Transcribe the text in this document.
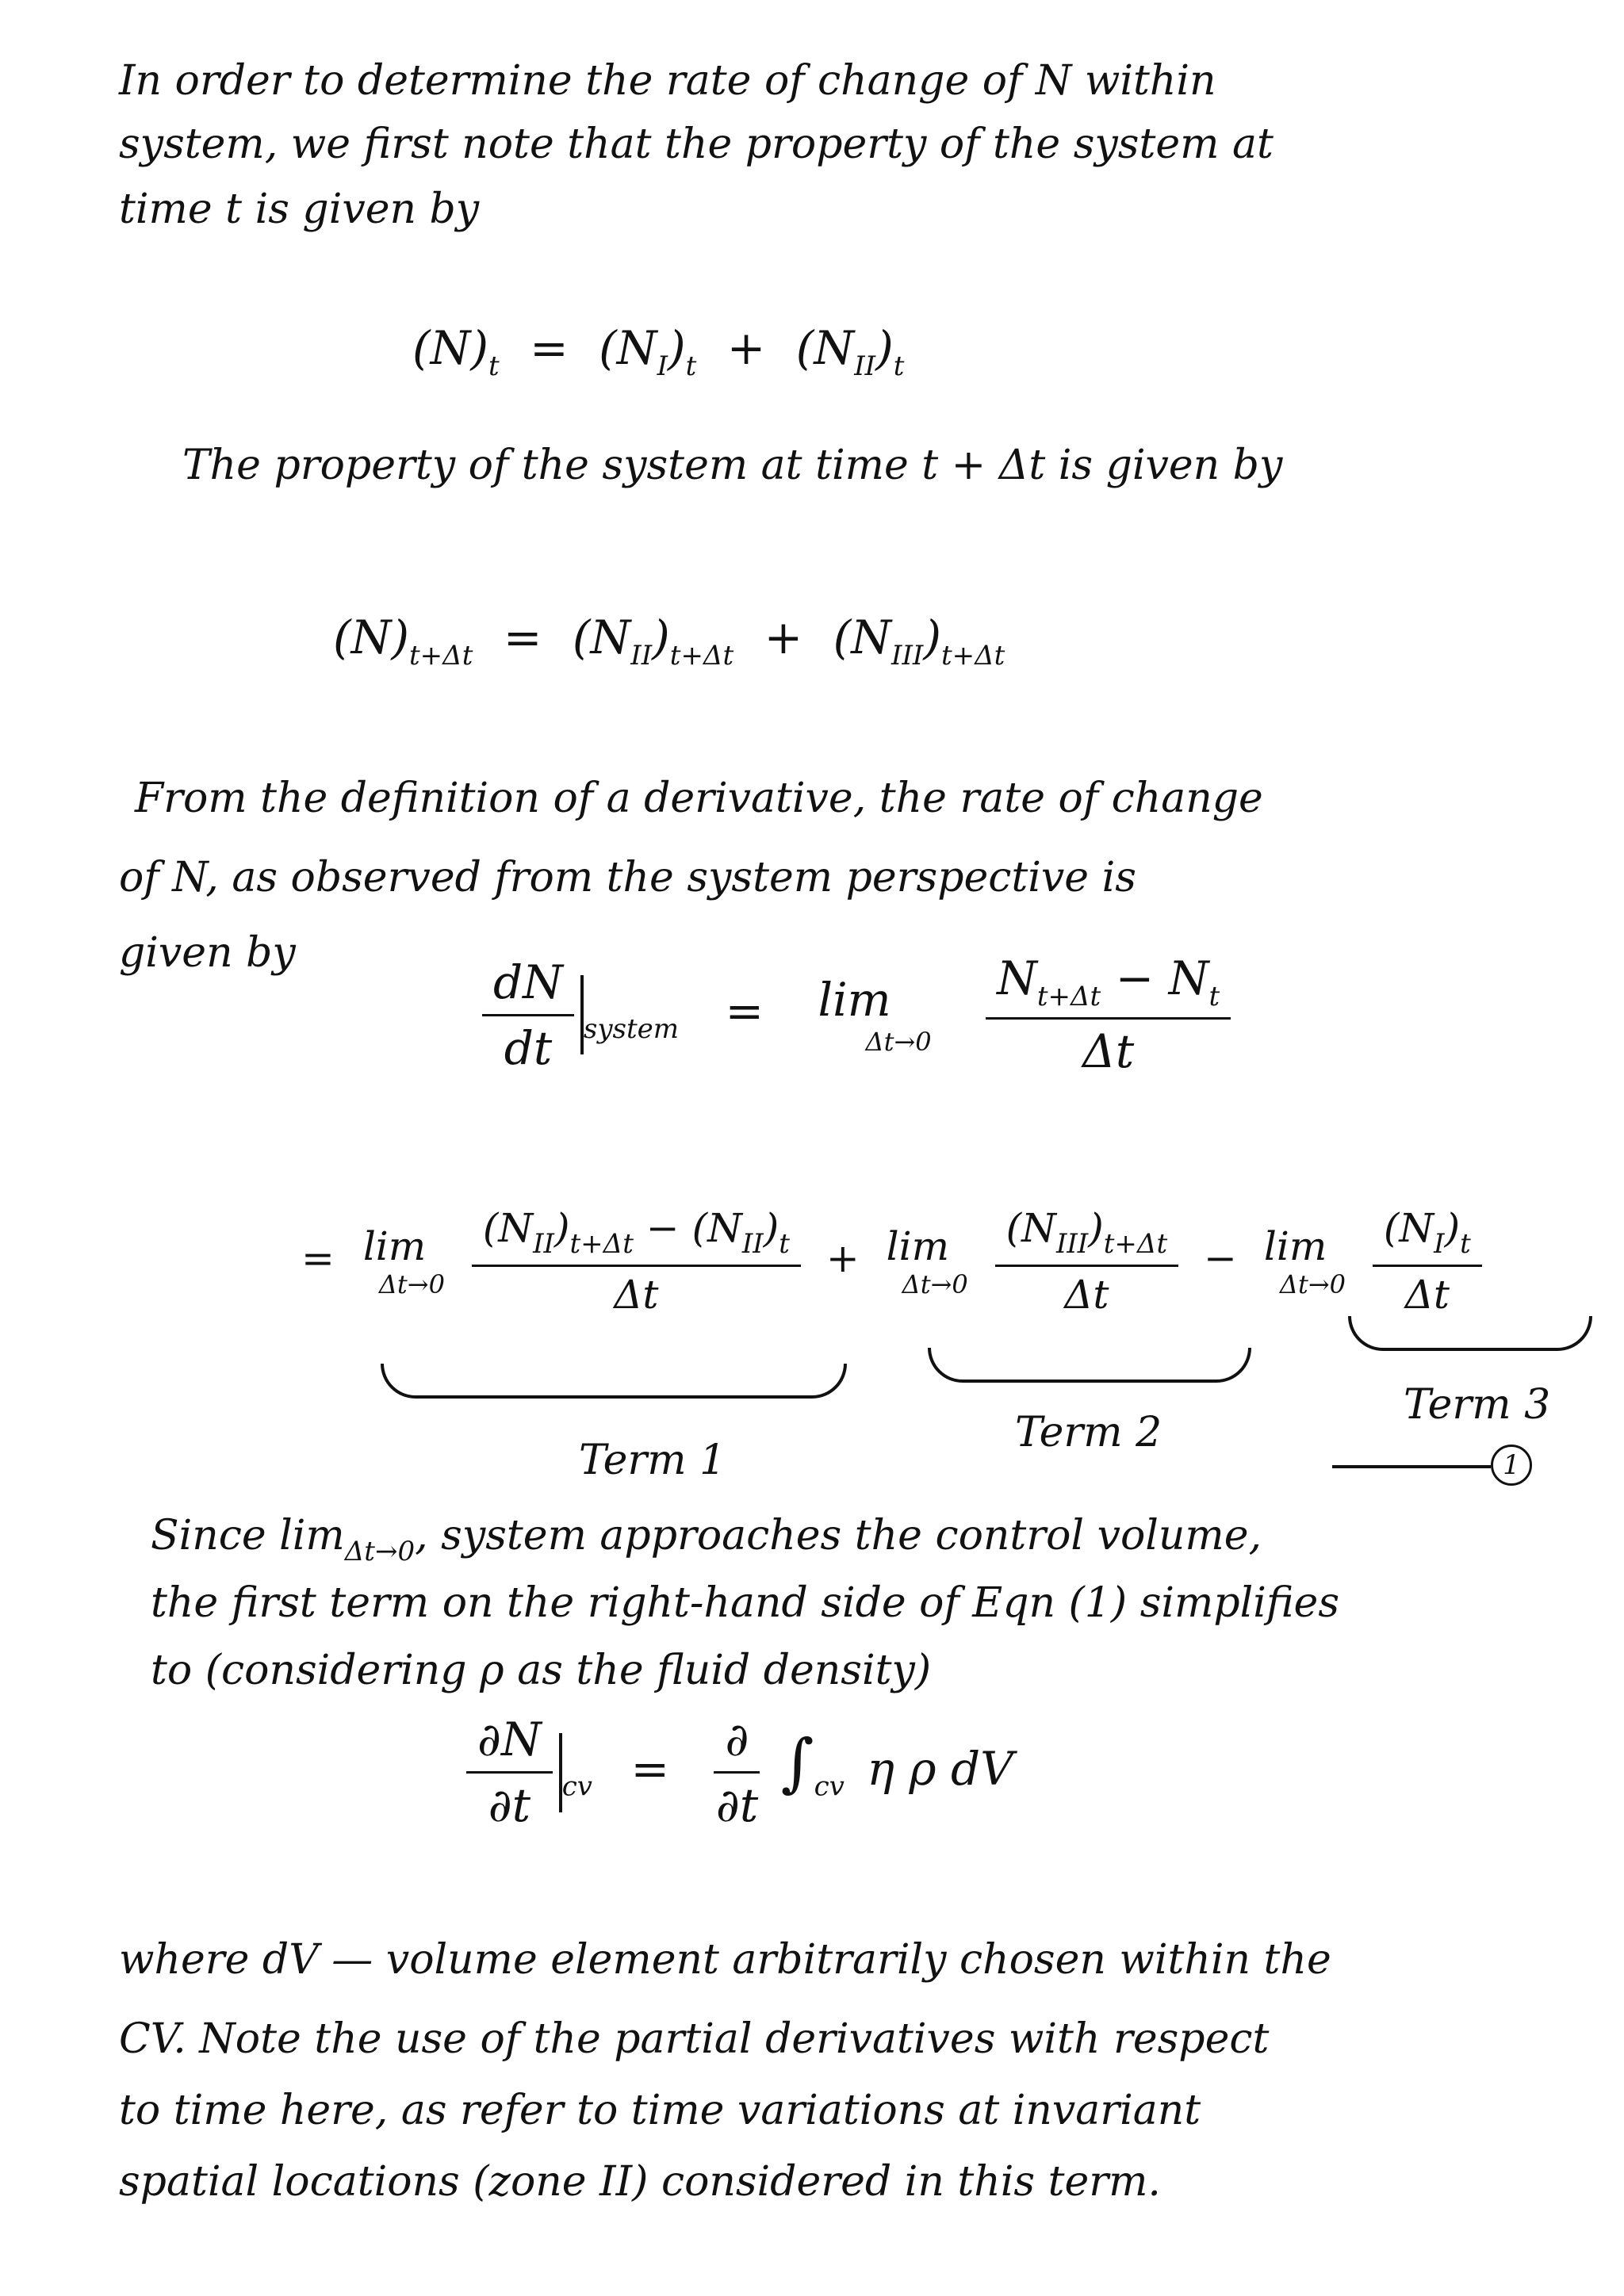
In order to determine the rate of change of N within
system, we first note that the property of the system at
time t is given by
$(N)_t = (N_I)_t + (N_{II})_t$
The property of the system at time t + Δt is given by
$(N)_{t+\Delta t} = (N_{II})_{t+\Delta t} + (N_{III})_{t+\Delta t}$
From the definition of a derivative, the rate of change
of N, as observed from the system perspective is
given by
$\frac{dN}{dt} _{system} = \lim$
Δt→0
$\frac{N_{t+\Delta t} - N_t}{\Delta t}$
= lim
Δt→0
$\frac{(N_{II})_{t+\Delta t} - (N_{II})_t}{\Delta t} + \lim$
Δt→0
$\frac{(N_{III})_{t+\Delta t}}{\Delta t} - \lim$
Δt→0
$\frac{(N_I)_t}{\Delta t}$
Term 1
Term 2
Term 3
1
Since $\lim_{\Delta t\to 0}$, system approaches the control volume,
the first term on the right-hand side of Eqn (1) simplifies
to (considering ρ as the fluid density)
$\frac{\partial N}{\partial t} _{cv} = \frac{\partial}{\partial t} \int_{cv}$ η ρ dV
where dV — volume element arbitrarily chosen within the
CV. Note the use of the partial derivatives with respect
to time here, as refer to time variations at invariant
spatial locations (zone II) considered in this term.
